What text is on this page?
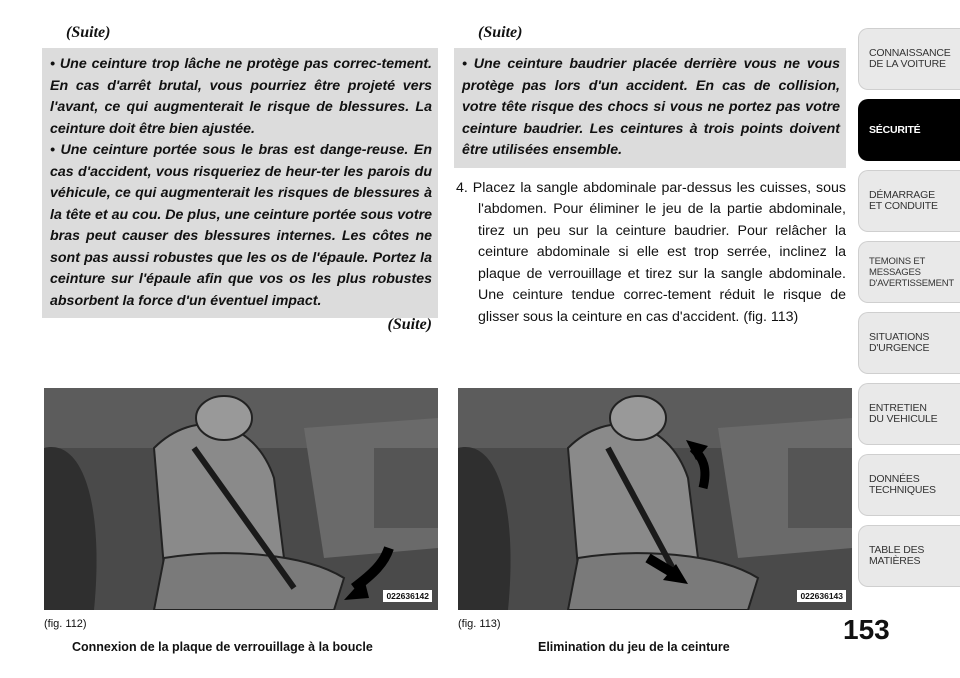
(Suite)

• Une ceinture trop lâche ne protège pas correc-tement. En cas d'arrêt brutal, vous pourriez être projeté vers l'avant, ce qui augmenterait le risque de blessures. La ceinture doit être bien ajustée.

• Une ceinture portée sous le bras est dange-reuse. En cas d'accident, vous risqueriez de heur-ter les parois du véhicule, ce qui augmenterait les risques de blessures à la tête et au cou. De plus, une ceinture portée sous votre bras peut causer des blessures internes. Les côtes ne sont pas aussi robustes que les os de l'épaule. Portez la ceinture sur l'épaule afin que vos os les plus robustes absorbent la force d'un éventuel impact.

(Suite)
(Suite)

• Une ceinture baudrier placée derrière vous ne vous protège pas lors d'un accident. En cas de collision, votre tête risque des chocs si vous ne portez pas votre ceinture baudrier. Les ceintures à trois points doivent être utilisées ensemble.

4. Placez la sangle abdominale par-dessus les cuisses, sous l'abdomen. Pour éliminer le jeu de la partie abdominale, tirez un peu sur la ceinture baudrier. Pour relâcher la ceinture abdominale si elle est trop serrée, inclinez la plaque de verrouillage et tirez sur la sangle abdominale. Une ceinture tendue correc-tement réduit le risque de glisser sous la ceinture en cas d'accident. (fig. 113)
022636142
(fig. 112)
Connexion de la plaque de verrouillage à la boucle
022636143
(fig. 113)
Elimination du jeu de la ceinture
153
CONNAISSANCE
DE LA VOITURE
SÉCURITÉ
DÉMARRAGE
ET CONDUITE
TEMOINS ET
MESSAGES
D'AVERTISSEMENT
SITUATIONS
D'URGENCE
ENTRETIEN
DU VEHICULE
DONNÉES
TECHNIQUES
TABLE DES
MATIÈRES
